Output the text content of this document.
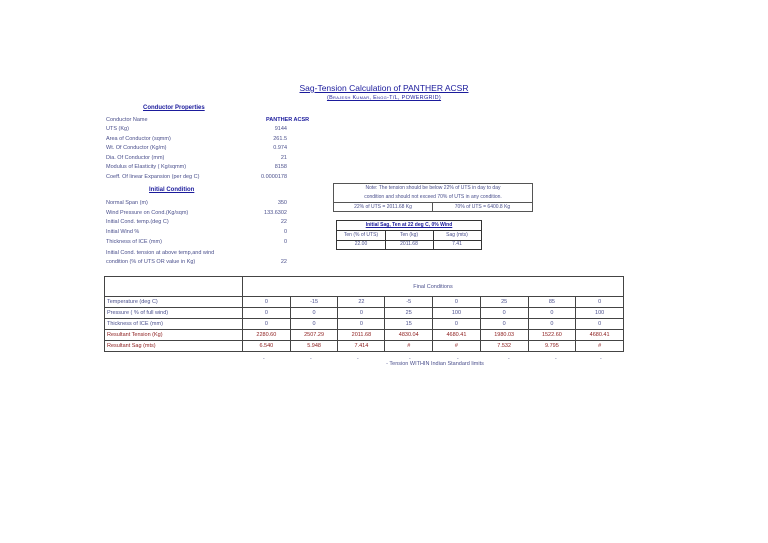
Sag-Tension Calculation of PANTHER ACSR
(Brajesh Kumar, Engg-T/L, POWERGRID)
Conductor Properties
Conductor Name	PANTHER ACSR
UTS (Kg)	9144
Area of Conductor (sqmm)	261.5
Wt. Of Conductor (Kg/m)	0.974
Dia. Of Conductor (mm)	21
Modulus of Elasticity ( Kg/sqmm)	8158
Coeff. Of linear Expansion (per deg C)	0.0000178
Initial Condition
Normal Span (m)	350
Wind Pressure on Cond.(Kg/sqm)	133.6302
Initial Cond. temp.(deg C)	22
Initial Wind %	0
Thickness of ICE (mm)	0
Initial Cond. tension at above temp,and wind
condition (% of UTS OR value in Kg)	22
Note: The tension should be below 22% of UTS in day to day
condition and should not exceed 70% of UTS in any condition.
22% of UTS = 2011.68 Kg	70% of UTS = 6400.8 Kg
Initial Sag, Ten at 22 deg C, 0% Wind
Ten (% of UTS)	Ten (kg)	Sag (mts)
22.00	2011.68	7.41
	Final Conditions							
Temperature (deg C)	0	-15	22	-5	0	25	85	0
Pressure ( % of full wind)	0	0	0	25	100	0	0	100
Thickness of ICE (mm)	0	0	0	15	0	0	0	0
Resultant Tension (Kg)	2280.60	2507.29	2011.68	4830.04	4680.41	1980.03	1522.60	4680.41
Resultant Sag (mts)	6.540	5.948	7.414	#	#	7.532	9.795	#
-	-	-	-	-	-	-	-
- Tension WITHIN Indian Standard limits
